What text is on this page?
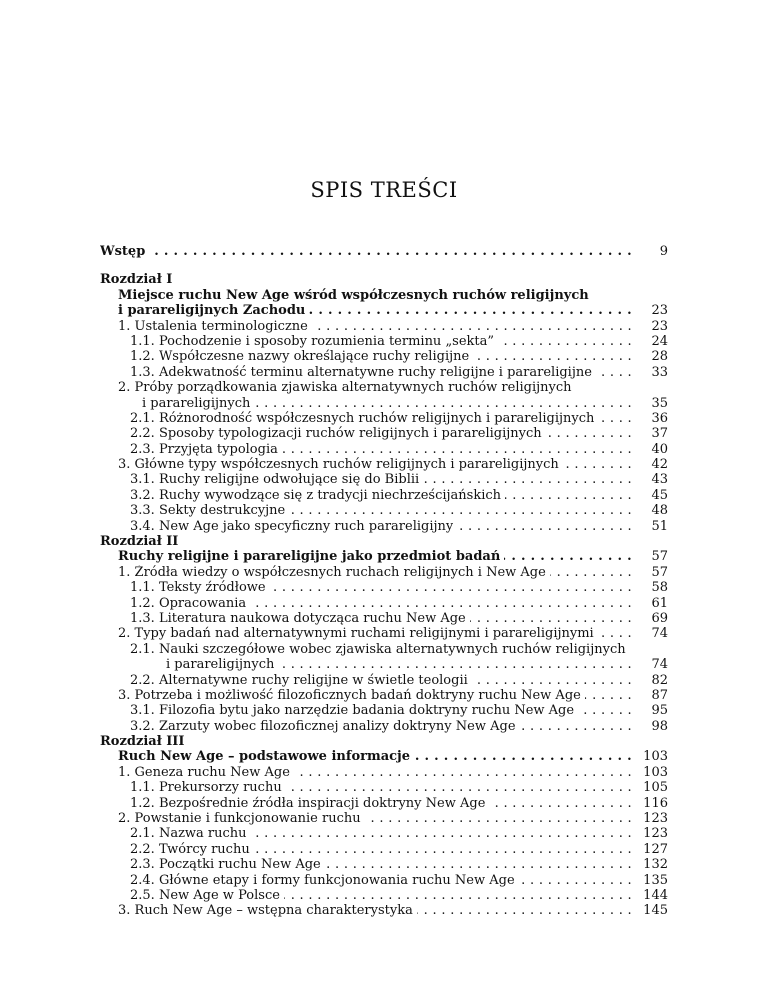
SPIS TREŚCI
Wstęp . . .	9
Rozdział I
Miejsce ruchu New Age wśród współczesnych ruchów religijnych
i parareligijnych Zachodu . . .	23
1. Ustalenia terminologiczne . . .	23
1.1. Pochodzenie i sposoby rozumienia terminu „sekta” . . .	24
1.2. Współczesne nazwy określające ruchy religijne . . .	28
1.3. Adekwatność terminu alternatywne ruchy religijne i parareligijne . . .	33
2. Próby porządkowania zjawiska alternatywnych ruchów religijnych
i parareligijnych . . .	35
2.1. Różnorodność współczesnych ruchów religijnych i parareligijnych . . .	36
2.2. Sposoby typologizacji ruchów religijnych i parareligijnych . . .	37
2.3. Przyjęta typologia . . .	40
3. Główne typy współczesnych ruchów religijnych i parareligijnych . . .	42
3.1. Ruchy religijne odwołujące się do Biblii . . .	43
3.2. Ruchy wywodzące się z tradycji niechrześcijańskich . . .	45
3.3. Sekty destrukcyjne . . .	48
3.4. New Age jako specyficzny ruch parareligijny . . .	51
Rozdział II
Ruchy religijne i parareligijne jako przedmiot badań . . .	57
1. Źródła wiedzy o współczesnych ruchach religijnych i New Age . . .	57
1.1. Teksty źródłowe . . .	58
1.2. Opracowania . . .	61
1.3. Literatura naukowa dotycząca ruchu New Age . . .	69
2. Typy badań nad alternatywnymi ruchami religijnymi i parareligijnymi . . .	74
2.1. Nauki szczegółowe wobec zjawiska alternatywnych ruchów religijnych
i parareligijnych . . .	74
2.2. Alternatywne ruchy religijne w świetle teologii . . .	82
3. Potrzeba i możliwość filozoficznych badań doktryny ruchu New Age . . .	87
3.1. Filozofia bytu jako narzędzie badania doktryny ruchu New Age . . .	95
3.2. Zarzuty wobec filozoficznej analizy doktryny New Age . . .	98
Rozdział III
Ruch New Age – podstawowe informacje . . .	103
1. Geneza ruchu New Age . . .	103
1.1. Prekursorzy ruchu . . .	105
1.2. Bezpośrednie źródła inspiracji doktryny New Age . . .	116
2. Powstanie i funkcjonowanie ruchu . . .	123
2.1. Nazwa ruchu . . .	123
2.2. Twórcy ruchu . . .	127
2.3. Początki ruchu New Age . . .	132
2.4. Główne etapy i formy funkcjonowania ruchu New Age . . .	135
2.5. New Age w Polsce . . .	144
3. Ruch New Age – wstępna charakterystyka . . .	145
